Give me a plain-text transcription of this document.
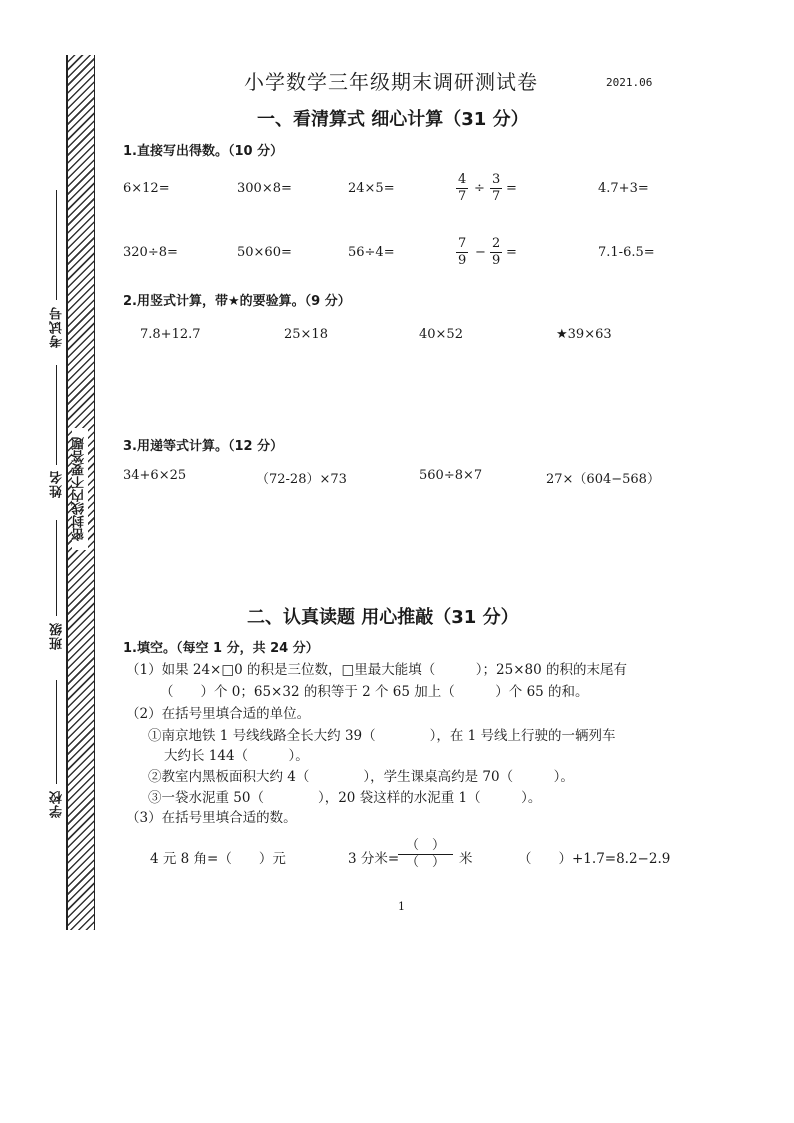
密封线内不要答题
考试号
姓名
班级
学校
小学数学三年级期末调研测试卷	2021.06
一、看清算式 细心计算（31 分）
1.直接写出得数。（10 分）
6×12=	300×8=	24×5=	$\frac{4}{7} \div \frac{3}{7}$ =	4.7+3=
320÷8=	50×60=	56÷4=	$\frac{7}{9} - \frac{2}{9}$ =	7.1-6.5=
2.用竖式计算，带★的要验算。（9 分）
7.8+12.7	25×18	40×52	★39×63
3.用递等式计算。（12 分）
34+6×25	（72-28）×73	560÷8×7	27×（604−568）
二、认真读题 用心推敲（31 分）
1.填空。（每空 1 分，共 24 分）
（1）如果 24×□0 的积是三位数，□里最大能填（　　　）；25×80 的积的末尾有
（　　）个 0；65×32 的积等于 2 个 65 加上（　　　）个 65 的和。
（2）在括号里填合适的单位。
①南京地铁 1 号线线路全长大约 39（　　　　），在 1 号线上行驶的一辆列车
大约长 144（　　　）。
②教室内黑板面积大约 4（　　　　），学生课桌高约是 70（　　　）。
③一袋水泥重 50（　　　　），20 袋这样的水泥重 1（　　　）。
（3）在括号里填合适的数。
4 元 8 角=（　　）元	3 分米=
（　）
（　） 米	（　　）+1.7=8.2−2.9
1
